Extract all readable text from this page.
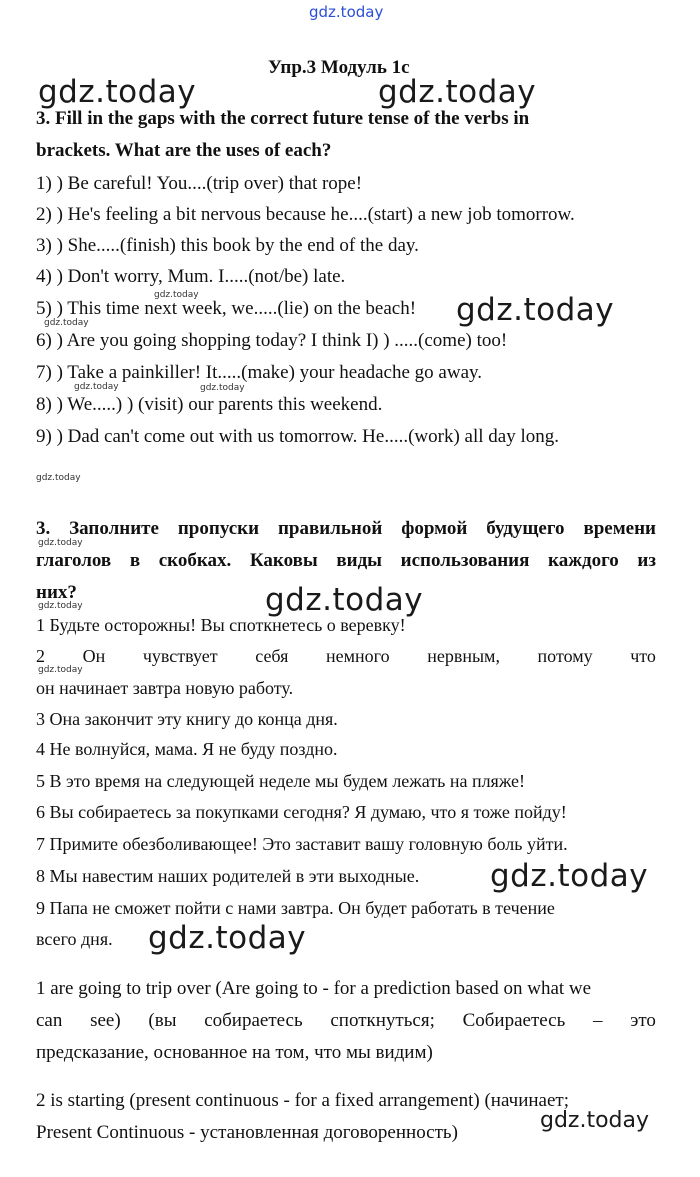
gdz.today
Упр.3 Модуль 1c
gdz.today	gdz.today
3. Fill in the gaps with the correct future tense of the verbs in
brackets. What are the uses of each?
1) ) Be careful! You....(trip over) that rope!
2) ) He's feeling a bit nervous because he....(start) a new job tomorrow.
3) ) She.....(finish) this book by the end of the day.
4) ) Don't worry, Mum. I.....(not/be) late.
5) ) This time next week, we.....(lie) on the beach!
6) ) Are you going shopping today? I think I) ) .....(come) too!
7) ) Take a painkiller! It.....(make) your headache go away.
8) ) We.....) ) (visit) our parents this weekend.
9) ) Dad can't come out with us tomorrow. He.....(work) all day long.
gdz.today
gdz.today
gdz.today
gdz.today	gdz.today
gdz.today
3. Заполните пропуски правильной формой будущего времени
глаголов в скобках. Каковы виды использования каждого из
них?
gdz.today
gdz.today	gdz.today
1 Будьте осторожны! Вы споткнетесь о веревку!
2 Он чувствует себя немного нервным, потому что
gdz.today
он начинает завтра новую работу.
3 Она закончит эту книгу до конца дня.
4 Не волнуйся, мама. Я не буду поздно.
5 В это время на следующей неделе мы будем лежать на пляже!
6 Вы собираетесь за покупками сегодня? Я думаю, что я тоже пойду!
7 Примите обезболивающее! Это заставит вашу головную боль уйти.
8 Мы навестим наших родителей в эти выходные. gdz.today
9 Папа не сможет пойти с нами завтра. Он будет работать в течение
всего дня. gdz.today
1 are going to trip over (Are going to - for a prediction based on what we
can see) (вы собираетесь споткнуться; Собираетесь – это
предсказание, основанное на том, что мы видим)
2 is starting (present continuous - for a fixed arrangement) (начинает;
Present Continuous - установленная договоренность)	gdz.today
